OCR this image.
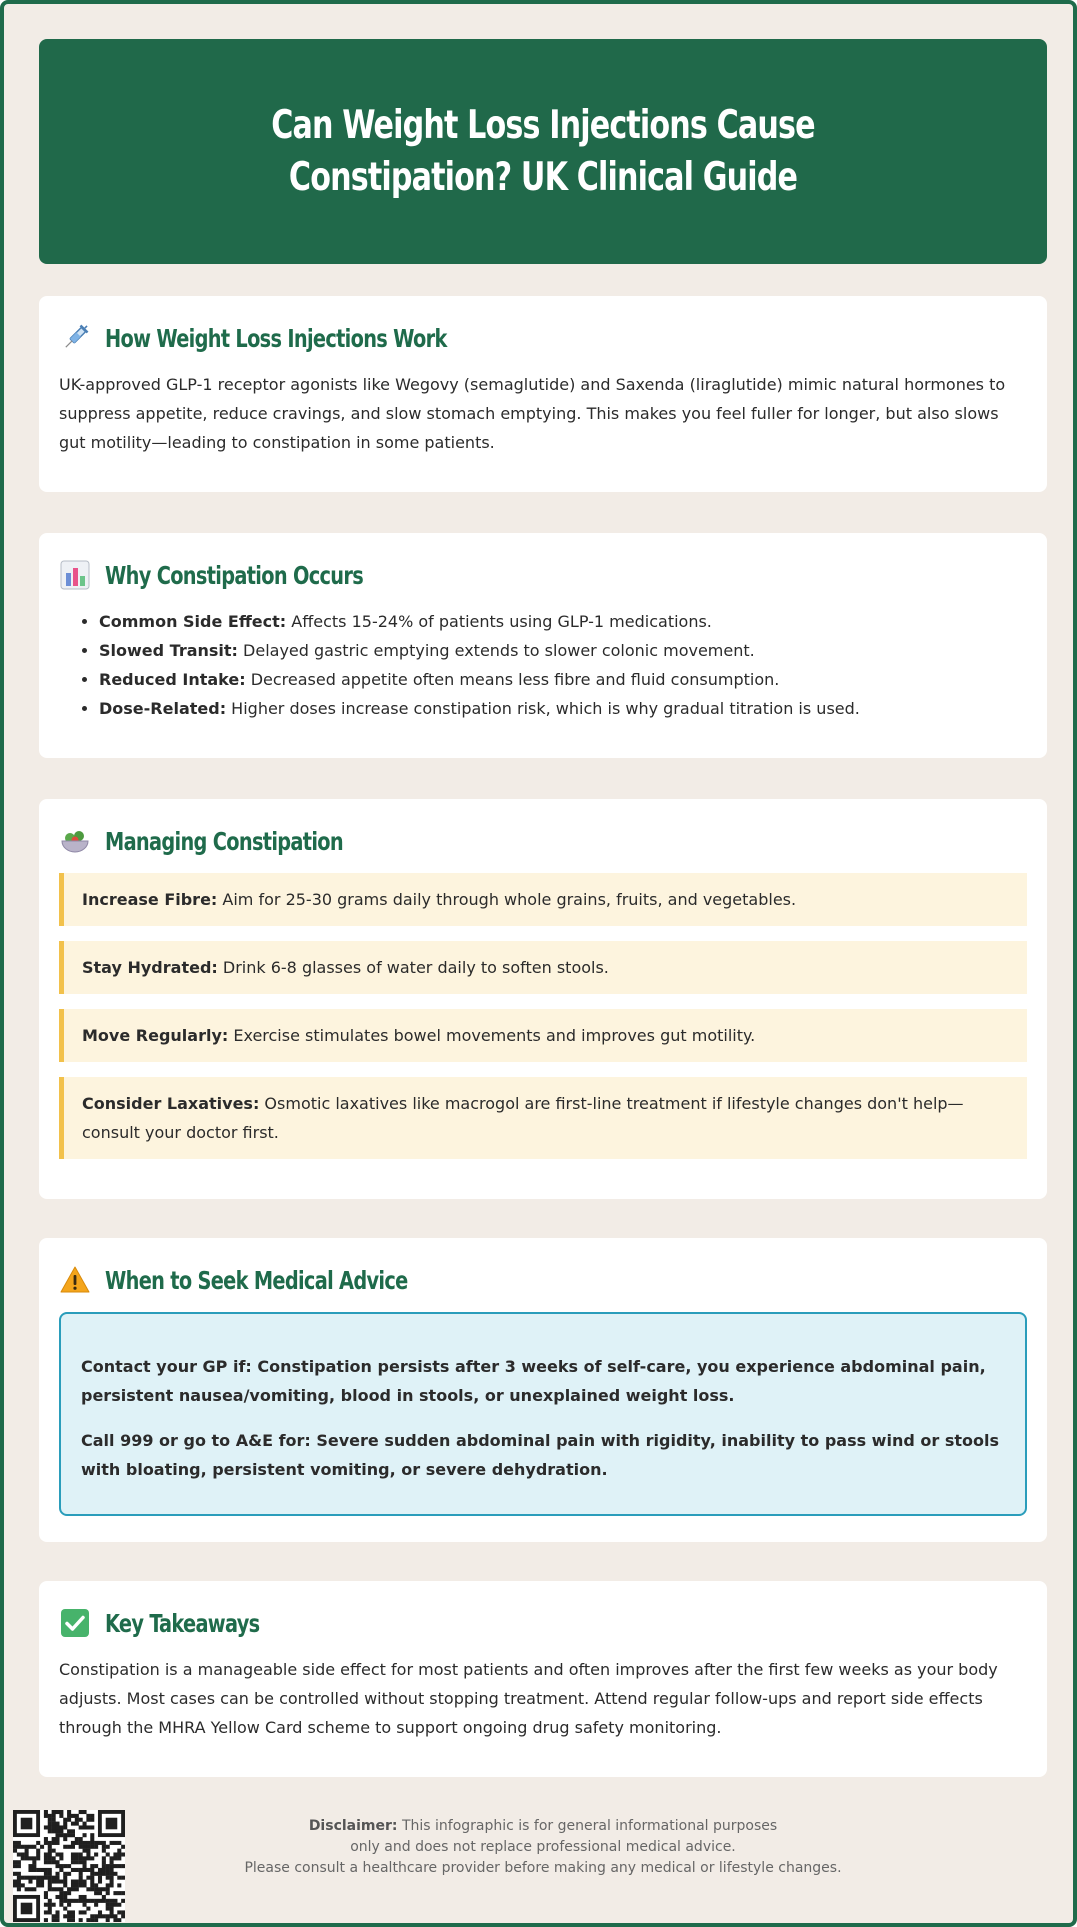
Can Weight Loss Injections Cause Constipation? UK Clinical Guide
How Weight Loss Injections Work

UK-approved GLP-1 receptor agonists like Wegovy (semaglutide) and Saxenda (liraglutide) mimic natural hormones to suppress appetite, reduce cravings, and slow stomach emptying. This makes you feel fuller for longer, but also slows gut motility—leading to constipation in some patients.

Why Constipation Occurs
• Common Side Effect: Affects 15-24% of patients using GLP-1 medications.
• Slowed Transit: Delayed gastric emptying extends to slower colonic movement.
• Reduced Intake: Decreased appetite often means less fibre and fluid consumption.
• Dose-Related: Higher doses increase constipation risk, which is why gradual titration is used.
Managing Constipation
Increase Fibre: Aim for 25-30 grams daily through whole grains, fruits, and vegetables.
Stay Hydrated: Drink 6-8 glasses of water daily to soften stools.
Move Regularly: Exercise stimulates bowel movements and improves gut motility.
Consider Laxatives: Osmotic laxatives like macrogol are first-line treatment if lifestyle changes don't help—consult your doctor first.
When to Seek Medical Advice

Contact your GP if: Constipation persists after 3 weeks of self-care, you experience abdominal pain, persistent nausea/vomiting, blood in stools, or unexplained weight loss.

Call 999 or go to A&E for: Severe sudden abdominal pain with rigidity, inability to pass wind or stools with bloating, persistent vomiting, or severe dehydration.

Key Takeaways

Constipation is a manageable side effect for most patients and often improves after the first few weeks as your body adjusts. Most cases can be controlled without stopping treatment. Attend regular follow-ups and report side effects through the MHRA Yellow Card scheme to support ongoing drug safety monitoring.

Disclaimer: This infographic is for general informational purposes
only and does not replace professional medical advice.
Please consult a healthcare provider before making any medical or lifestyle changes.
